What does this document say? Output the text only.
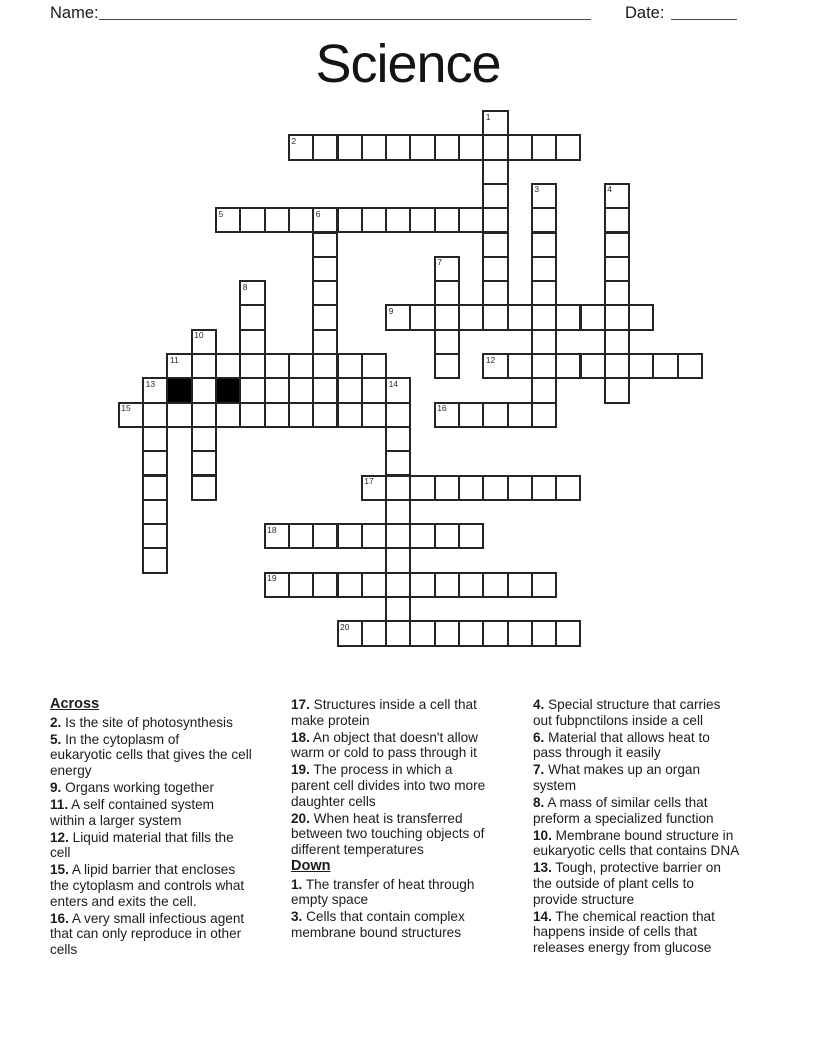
Name:	Date:
Science
1
2
3	4
5	6
7
8
9
10
11	12
13	14
15	16
17
18
19
20
Across
2. Is the site of photosynthesis
5. In the cytoplasm of
eukaryotic cells that gives the cell
energy
9. Organs working together
11. A self contained system
within a larger system
12. Liquid material that fills the
cell
15. A lipid barrier that encloses
the cytoplasm and controls what
enters and exits the cell.
16. A very small infectious agent
that can only reproduce in other
cells
17. Structures inside a cell that
make protein
18. An object that doesn't allow
warm or cold to pass through it
19. The process in which a
parent cell divides into two more
daughter cells
20. When heat is transferred
between two touching objects of
different temperatures
Down
1. The transfer of heat through
empty space
3. Cells that contain complex
membrane bound structures
4. Special structure that carries
out fubpnctilons inside a cell
6. Material that allows heat to
pass through it easily
7. What makes up an organ
system
8. A mass of similar cells that
preform a specialized function
10. Membrane bound structure in
eukaryotic cells that contains DNA
13. Tough, protective barrier on
the outside of plant cells to
provide structure
14. The chemical reaction that
happens inside of cells that
releases energy from glucose
